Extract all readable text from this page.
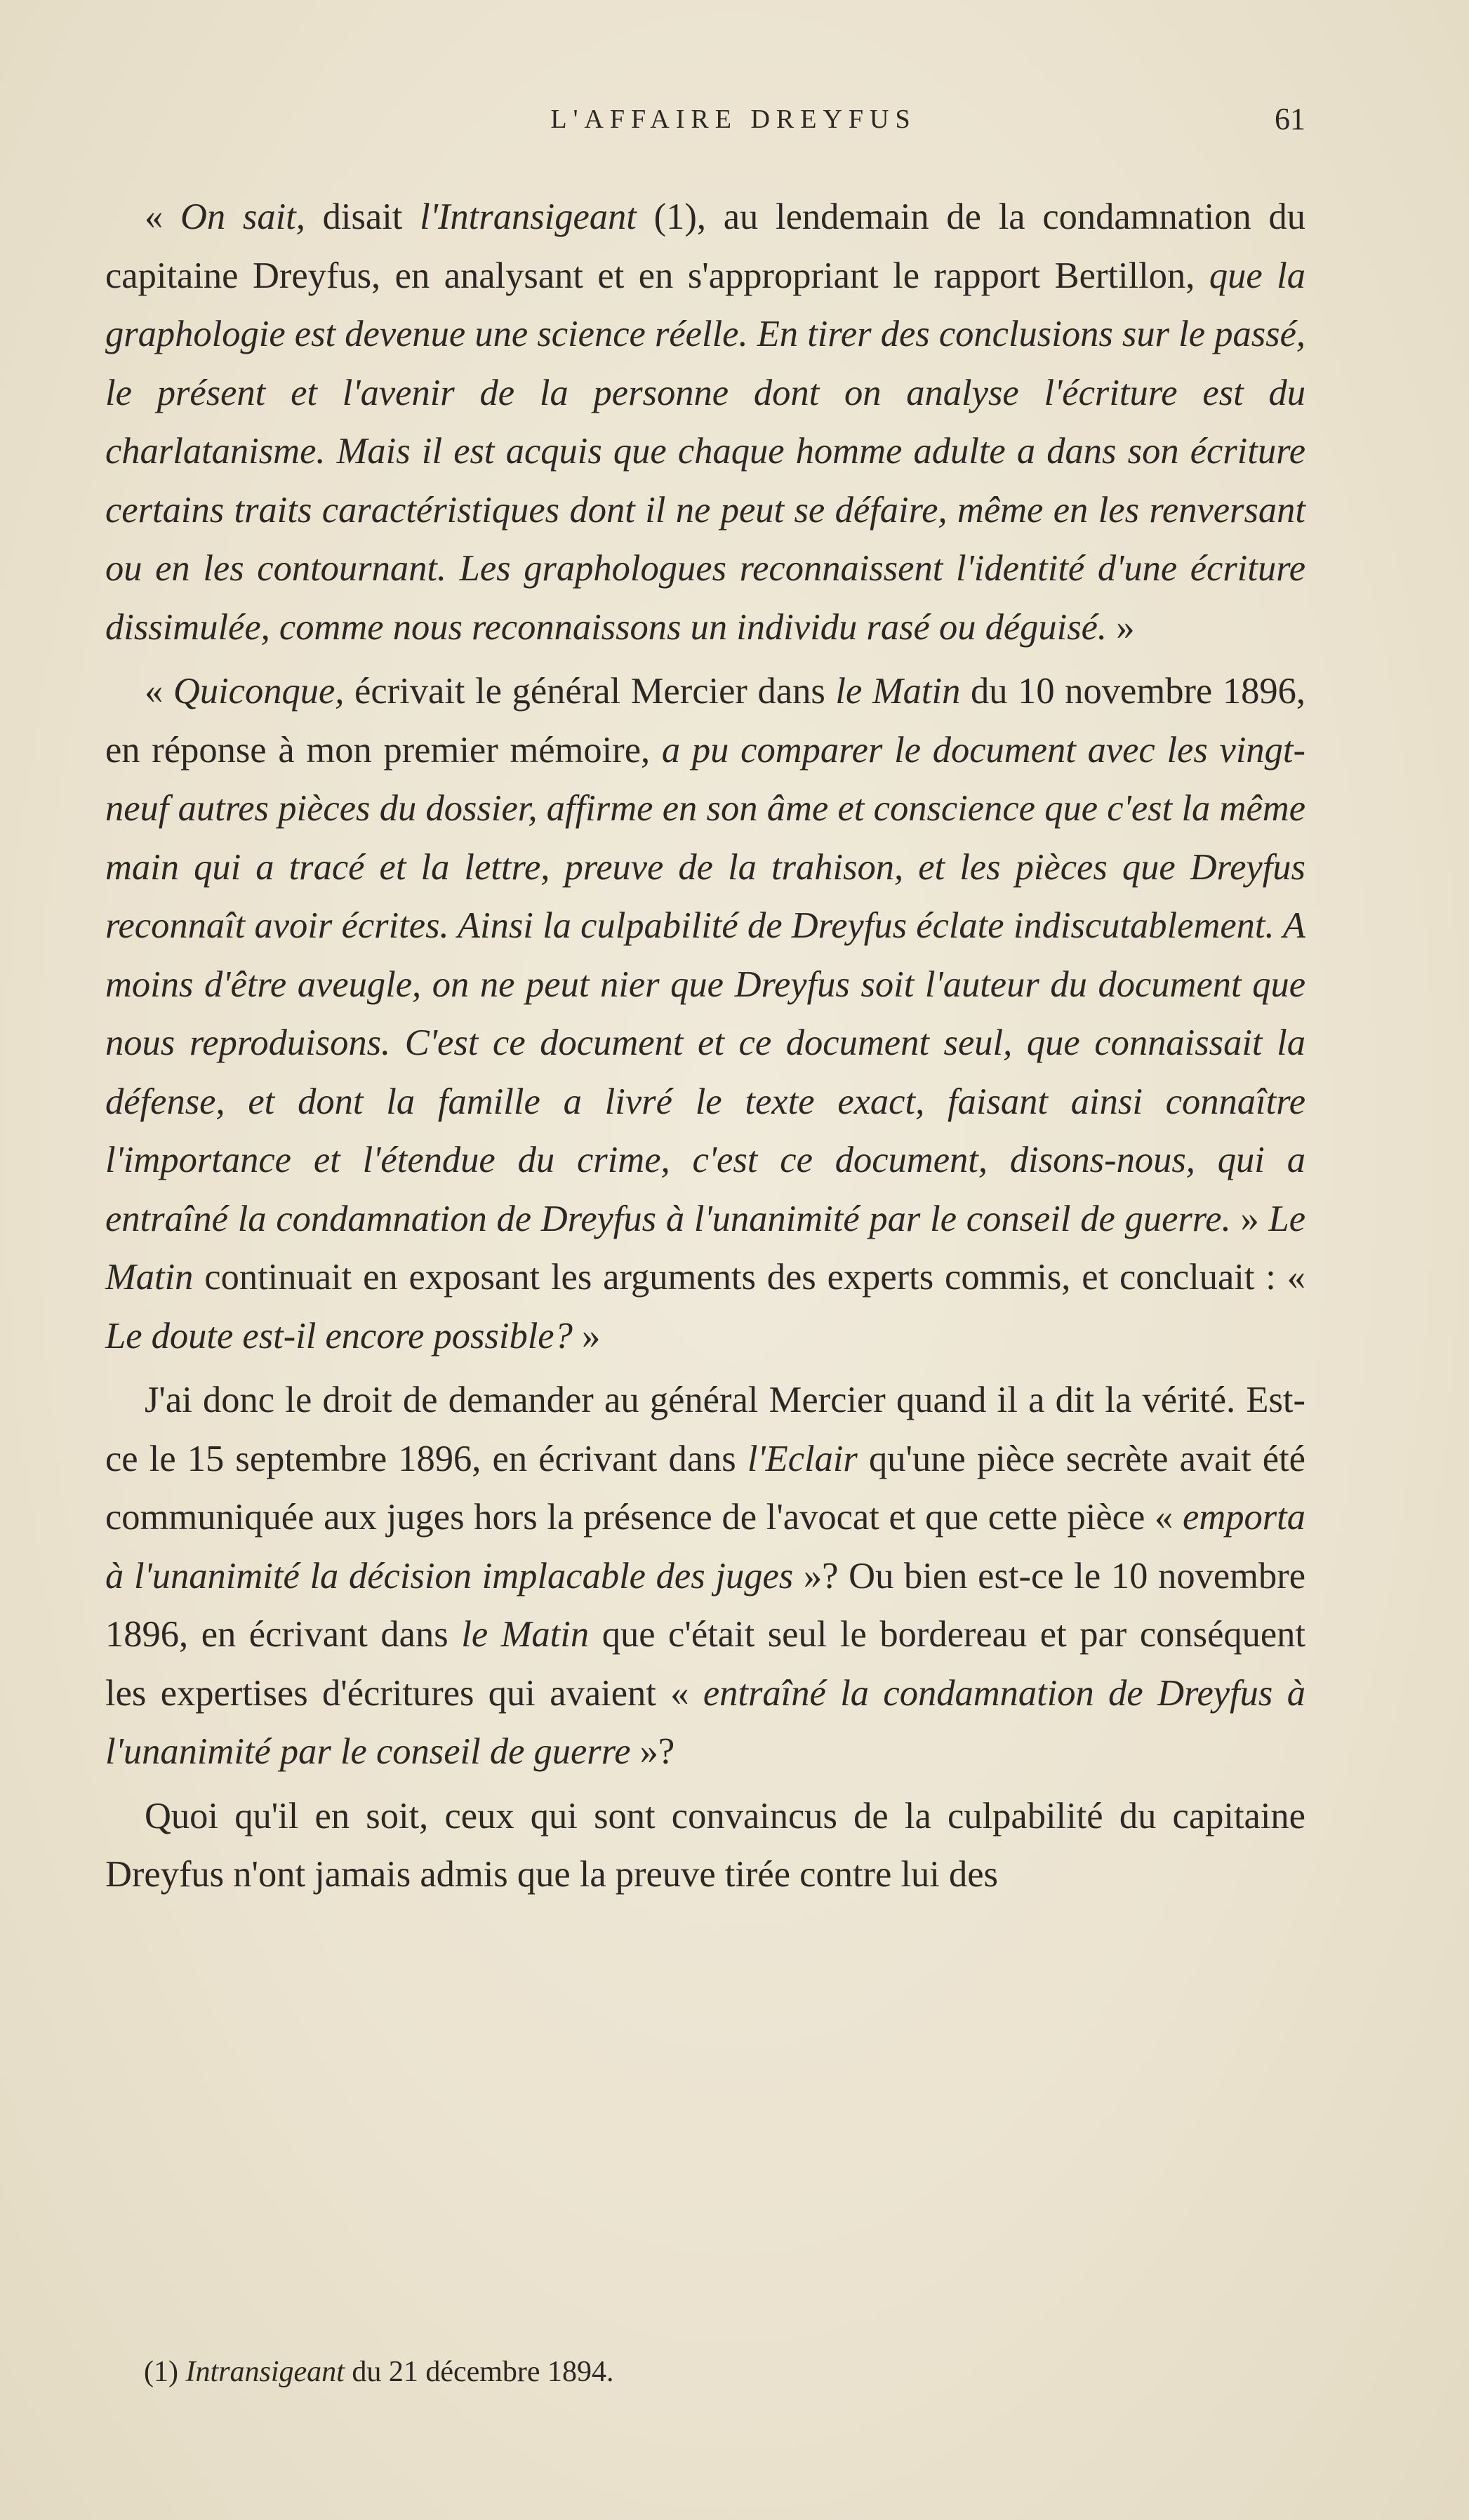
L'AFFAIRE DREYFUS	61

« On sait, disait l'Intransigeant (1), au lendemain de la condamnation du capitaine Dreyfus, en analysant et en s'appropriant le rapport Bertillon, que la graphologie est devenue une science réelle. En tirer des conclusions sur le passé, le présent et l'avenir de la personne dont on analyse l'écriture est du charlatanisme. Mais il est acquis que chaque homme adulte a dans son écriture certains traits caractéristiques dont il ne peut se défaire, même en les renversant ou en les contournant. Les graphologues reconnaissent l'identité d'une écriture dissimulée, comme nous reconnaissons un individu rasé ou déguisé. »

« Quiconque, écrivait le général Mercier dans le Matin du 10 novembre 1896, en réponse à mon premier mémoire, a pu comparer le document avec les vingt-neuf autres pièces du dossier, affirme en son âme et conscience que c'est la même main qui a tracé et la lettre, preuve de la trahison, et les pièces que Dreyfus reconnaît avoir écrites. Ainsi la culpabilité de Dreyfus éclate indiscutablement. A moins d'être aveugle, on ne peut nier que Dreyfus soit l'auteur du document que nous reproduisons. C'est ce document et ce document seul, que connaissait la défense, et dont la famille a livré le texte exact, faisant ainsi connaître l'importance et l'étendue du crime, c'est ce document, disons-nous, qui a entraîné la condamnation de Dreyfus à l'unanimité par le conseil de guerre. » Le Matin continuait en exposant les arguments des experts commis, et concluait : « Le doute est-il encore possible? »

J'ai donc le droit de demander au général Mercier quand il a dit la vérité. Est-ce le 15 septembre 1896, en écrivant dans l'Eclair qu'une pièce secrète avait été communiquée aux juges hors la présence de l'avocat et que cette pièce « emporta à l'unanimité la décision implacable des juges »? Ou bien est-ce le 10 novembre 1896, en écrivant dans le Matin que c'était seul le bordereau et par conséquent les expertises d'écritures qui avaient « entraîné la condamnation de Dreyfus à l'unanimité par le conseil de guerre »?

Quoi qu'il en soit, ceux qui sont convaincus de la culpabilité du capitaine Dreyfus n'ont jamais admis que la preuve tirée contre lui des

(1) Intransigeant du 21 décembre 1894.
